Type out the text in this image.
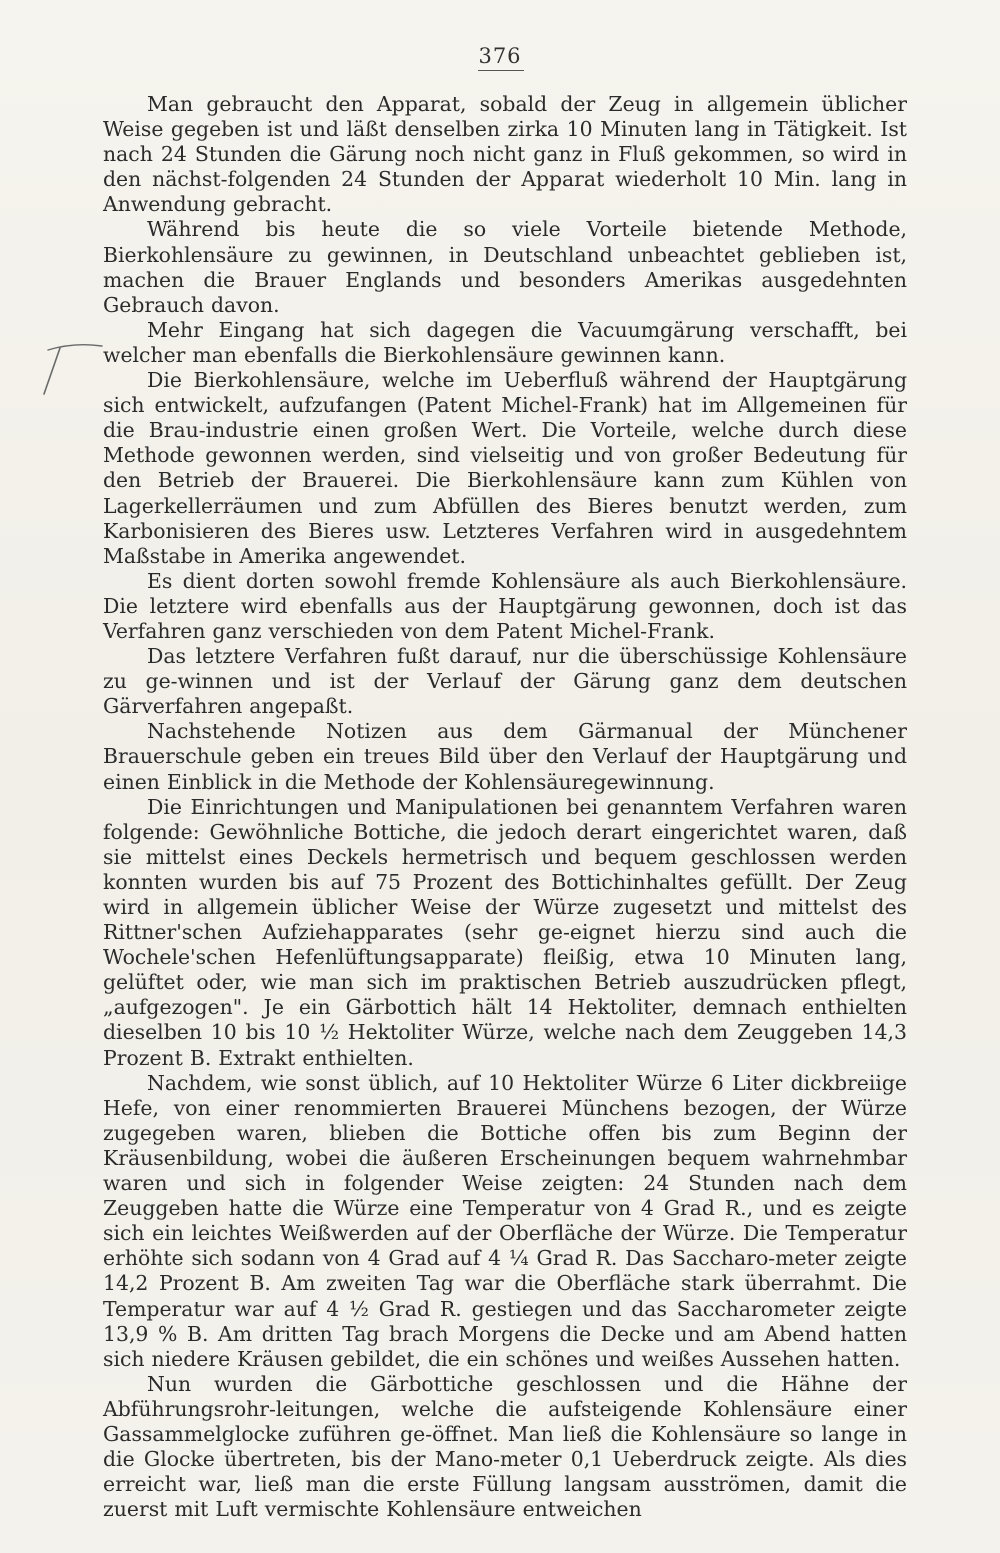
376

Man gebraucht den Apparat, sobald der Zeug in allgemein üblicher Weise gegeben ist und läßt denselben zirka 10 Minuten lang in Tätigkeit. Ist nach 24 Stunden die Gärung noch nicht ganz in Fluß gekommen, so wird in den nächst-folgenden 24 Stunden der Apparat wiederholt 10 Min. lang in Anwendung gebracht.

Während bis heute die so viele Vorteile bietende Methode, Bierkohlensäure zu gewinnen, in Deutschland unbeachtet geblieben ist, machen die Brauer Englands und besonders Amerikas ausgedehnten Gebrauch davon.

Mehr Eingang hat sich dagegen die Vacuumgärung verschafft, bei welcher man ebenfalls die Bierkohlensäure gewinnen kann.

Die Bierkohlensäure, welche im Ueberfluß während der Hauptgärung sich entwickelt, aufzufangen (Patent Michel-Frank) hat im Allgemeinen für die Brau-industrie einen großen Wert. Die Vorteile, welche durch diese Methode gewonnen werden, sind vielseitig und von großer Bedeutung für den Betrieb der Brauerei. Die Bierkohlensäure kann zum Kühlen von Lagerkellerräumen und zum Abfüllen des Bieres benutzt werden, zum Karbonisieren des Bieres usw. Letzteres Verfahren wird in ausgedehntem Maßstabe in Amerika angewendet.

Es dient dorten sowohl fremde Kohlensäure als auch Bierkohlensäure. Die letztere wird ebenfalls aus der Hauptgärung gewonnen, doch ist das Verfahren ganz verschieden von dem Patent Michel-Frank.

Das letztere Verfahren fußt darauf, nur die überschüssige Kohlensäure zu ge-winnen und ist der Verlauf der Gärung ganz dem deutschen Gärverfahren angepaßt.

Nachstehende Notizen aus dem Gärmanual der Münchener Brauerschule geben ein treues Bild über den Verlauf der Hauptgärung und einen Einblick in die Methode der Kohlensäuregewinnung.

Die Einrichtungen und Manipulationen bei genanntem Verfahren waren folgende: Gewöhnliche Bottiche, die jedoch derart eingerichtet waren, daß sie mittelst eines Deckels hermetrisch und bequem geschlossen werden konnten wurden bis auf 75 Prozent des Bottichinhaltes gefüllt. Der Zeug wird in allgemein üblicher Weise der Würze zugesetzt und mittelst des Rittner'schen Aufziehapparates (sehr ge-eignet hierzu sind auch die Wochele'schen Hefenlüftungsapparate) fleißig, etwa 10 Minuten lang, gelüftet oder, wie man sich im praktischen Betrieb auszudrücken pflegt, „aufgezogen". Je ein Gärbottich hält 14 Hektoliter, demnach enthielten dieselben 10 bis 10 ½ Hektoliter Würze, welche nach dem Zeuggeben 14,3 Prozent B. Extrakt enthielten.

Nachdem, wie sonst üblich, auf 10 Hektoliter Würze 6 Liter dickbreiige Hefe, von einer renommierten Brauerei Münchens bezogen, der Würze zugegeben waren, blieben die Bottiche offen bis zum Beginn der Kräusenbildung, wobei die äußeren Erscheinungen bequem wahrnehmbar waren und sich in folgender Weise zeigten: 24 Stunden nach dem Zeuggeben hatte die Würze eine Temperatur von 4 Grad R., und es zeigte sich ein leichtes Weißwerden auf der Oberfläche der Würze. Die Temperatur erhöhte sich sodann von 4 Grad auf 4 ¼ Grad R. Das Saccharo-meter zeigte 14,2 Prozent B. Am zweiten Tag war die Oberfläche stark überrahmt. Die Temperatur war auf 4 ½ Grad R. gestiegen und das Saccharometer zeigte 13,9 % B. Am dritten Tag brach Morgens die Decke und am Abend hatten sich niedere Kräusen gebildet, die ein schönes und weißes Aussehen hatten.

Nun wurden die Gärbottiche geschlossen und die Hähne der Abführungsrohr-leitungen, welche die aufsteigende Kohlensäure einer Gassammelglocke zuführen ge-öffnet. Man ließ die Kohlensäure so lange in die Glocke übertreten, bis der Mano-meter 0,1 Ueberdruck zeigte. Als dies erreicht war, ließ man die erste Füllung langsam ausströmen, damit die zuerst mit Luft vermischte Kohlensäure entweichen
